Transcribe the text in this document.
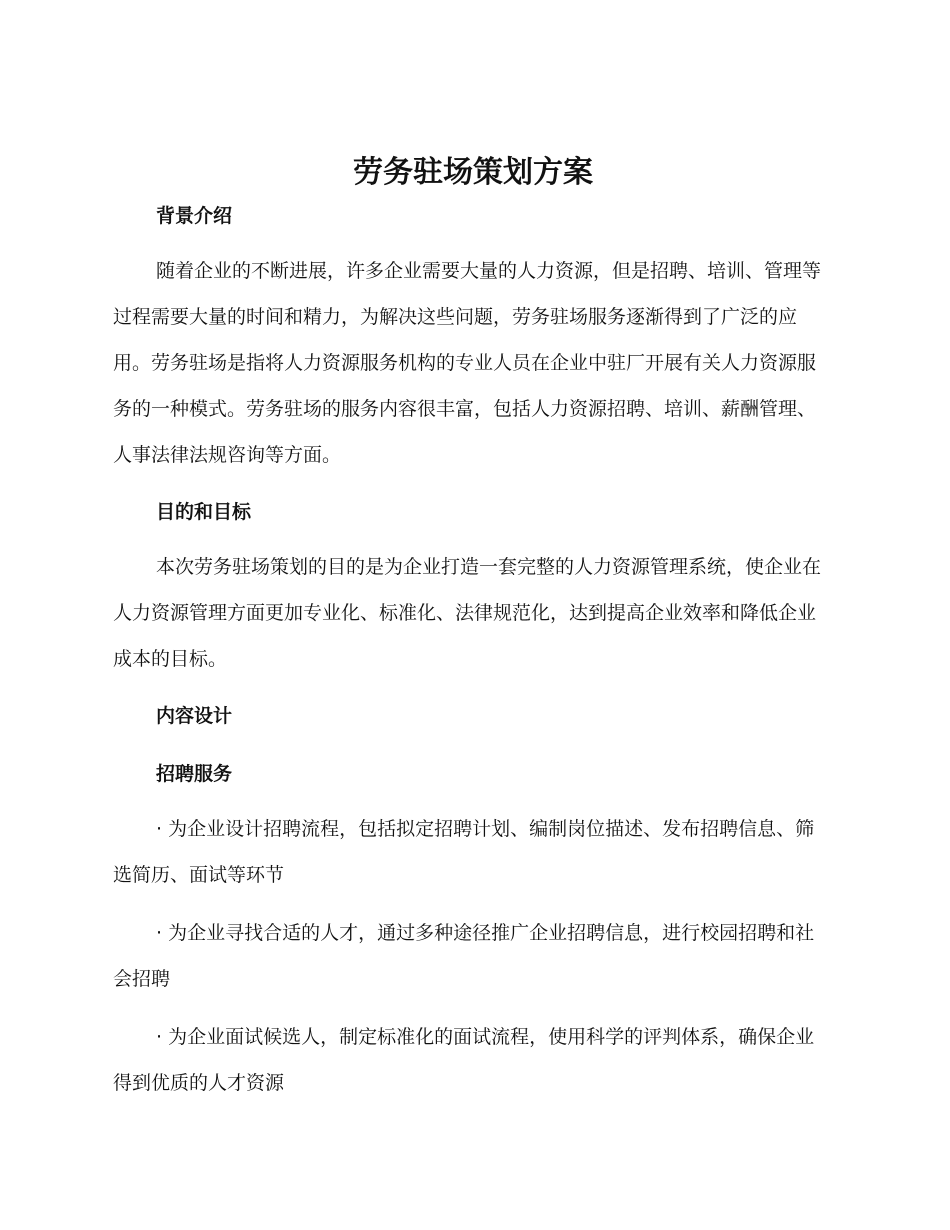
劳务驻场策划方案
背景介绍

随着企业的不断进展，许多企业需要大量的人力资源，但是招聘、培训、管理等过程需要大量的时间和精力，为解决这些问题，劳务驻场服务逐渐得到了广泛的应用。劳务驻场是指将人力资源服务机构的专业人员在企业中驻厂开展有关人力资源服务的一种模式。劳务驻场的服务内容很丰富，包括人力资源招聘、培训、薪酬管理、人事法律法规咨询等方面。

目的和目标

本次劳务驻场策划的目的是为企业打造一套完整的人力资源管理系统，使企业在人力资源管理方面更加专业化、标准化、法律规范化，达到提高企业效率和降低企业成本的目标。

内容设计
招聘服务

· 为企业设计招聘流程，包括拟定招聘计划、编制岗位描述、发布招聘信息、筛选简历、面试等环节

· 为企业寻找合适的人才，通过多种途径推广企业招聘信息，进行校园招聘和社会招聘

· 为企业面试候选人，制定标准化的面试流程，使用科学的评判体系，确保企业得到优质的人才资源
